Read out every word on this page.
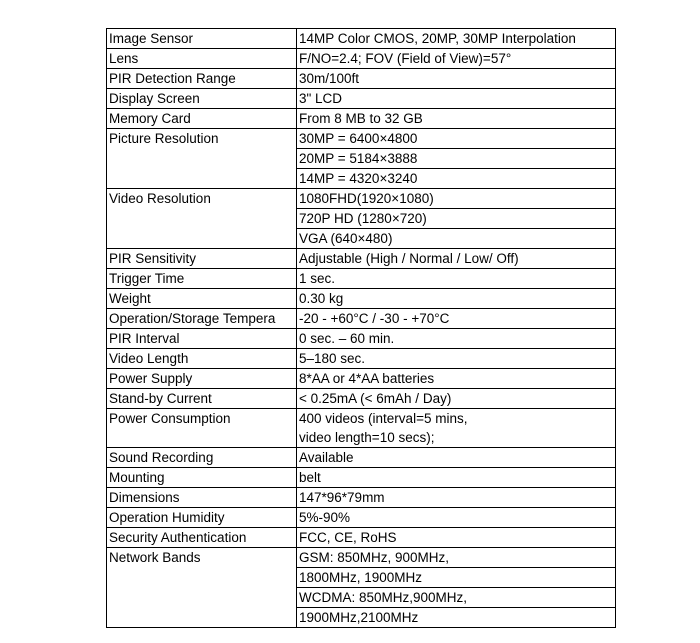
Image Sensor	14MP Color CMOS, 20MP, 30MP Interpolation
Lens	F/NO=2.4; FOV (Field of View)=57°
PIR Detection Range	30m/100ft
Display Screen	3" LCD
Memory Card	From 8 MB to 32 GB
Picture Resolution	30MP = 6400×4800
20MP = 5184×3888
14MP = 4320×3240
Video Resolution	1080FHD(1920×1080)
720P HD (1280×720)
VGA (640×480)
PIR Sensitivity	Adjustable (High / Normal / Low/ Off)
Trigger Time	1 sec.
Weight	0.30 kg
Operation/Storage Tempera	-20 - +60°C / -30 - +70°C
PIR Interval	0 sec. – 60 min.
Video Length	5–180 sec.
Power Supply	8*AA or 4*AA batteries
Stand-by Current	< 0.25mA (< 6mAh / Day)
Power Consumption	400 videos (interval=5 mins,
video length=10 secs);
Sound Recording	Available
Mounting	belt
Dimensions	147*96*79mm
Operation Humidity	5%-90%
Security Authentication	FCC, CE, RoHS
Network Bands	GSM: 850MHz, 900MHz,
1800MHz, 1900MHz
WCDMA: 850MHz,900MHz,
1900MHz,2100MHz
